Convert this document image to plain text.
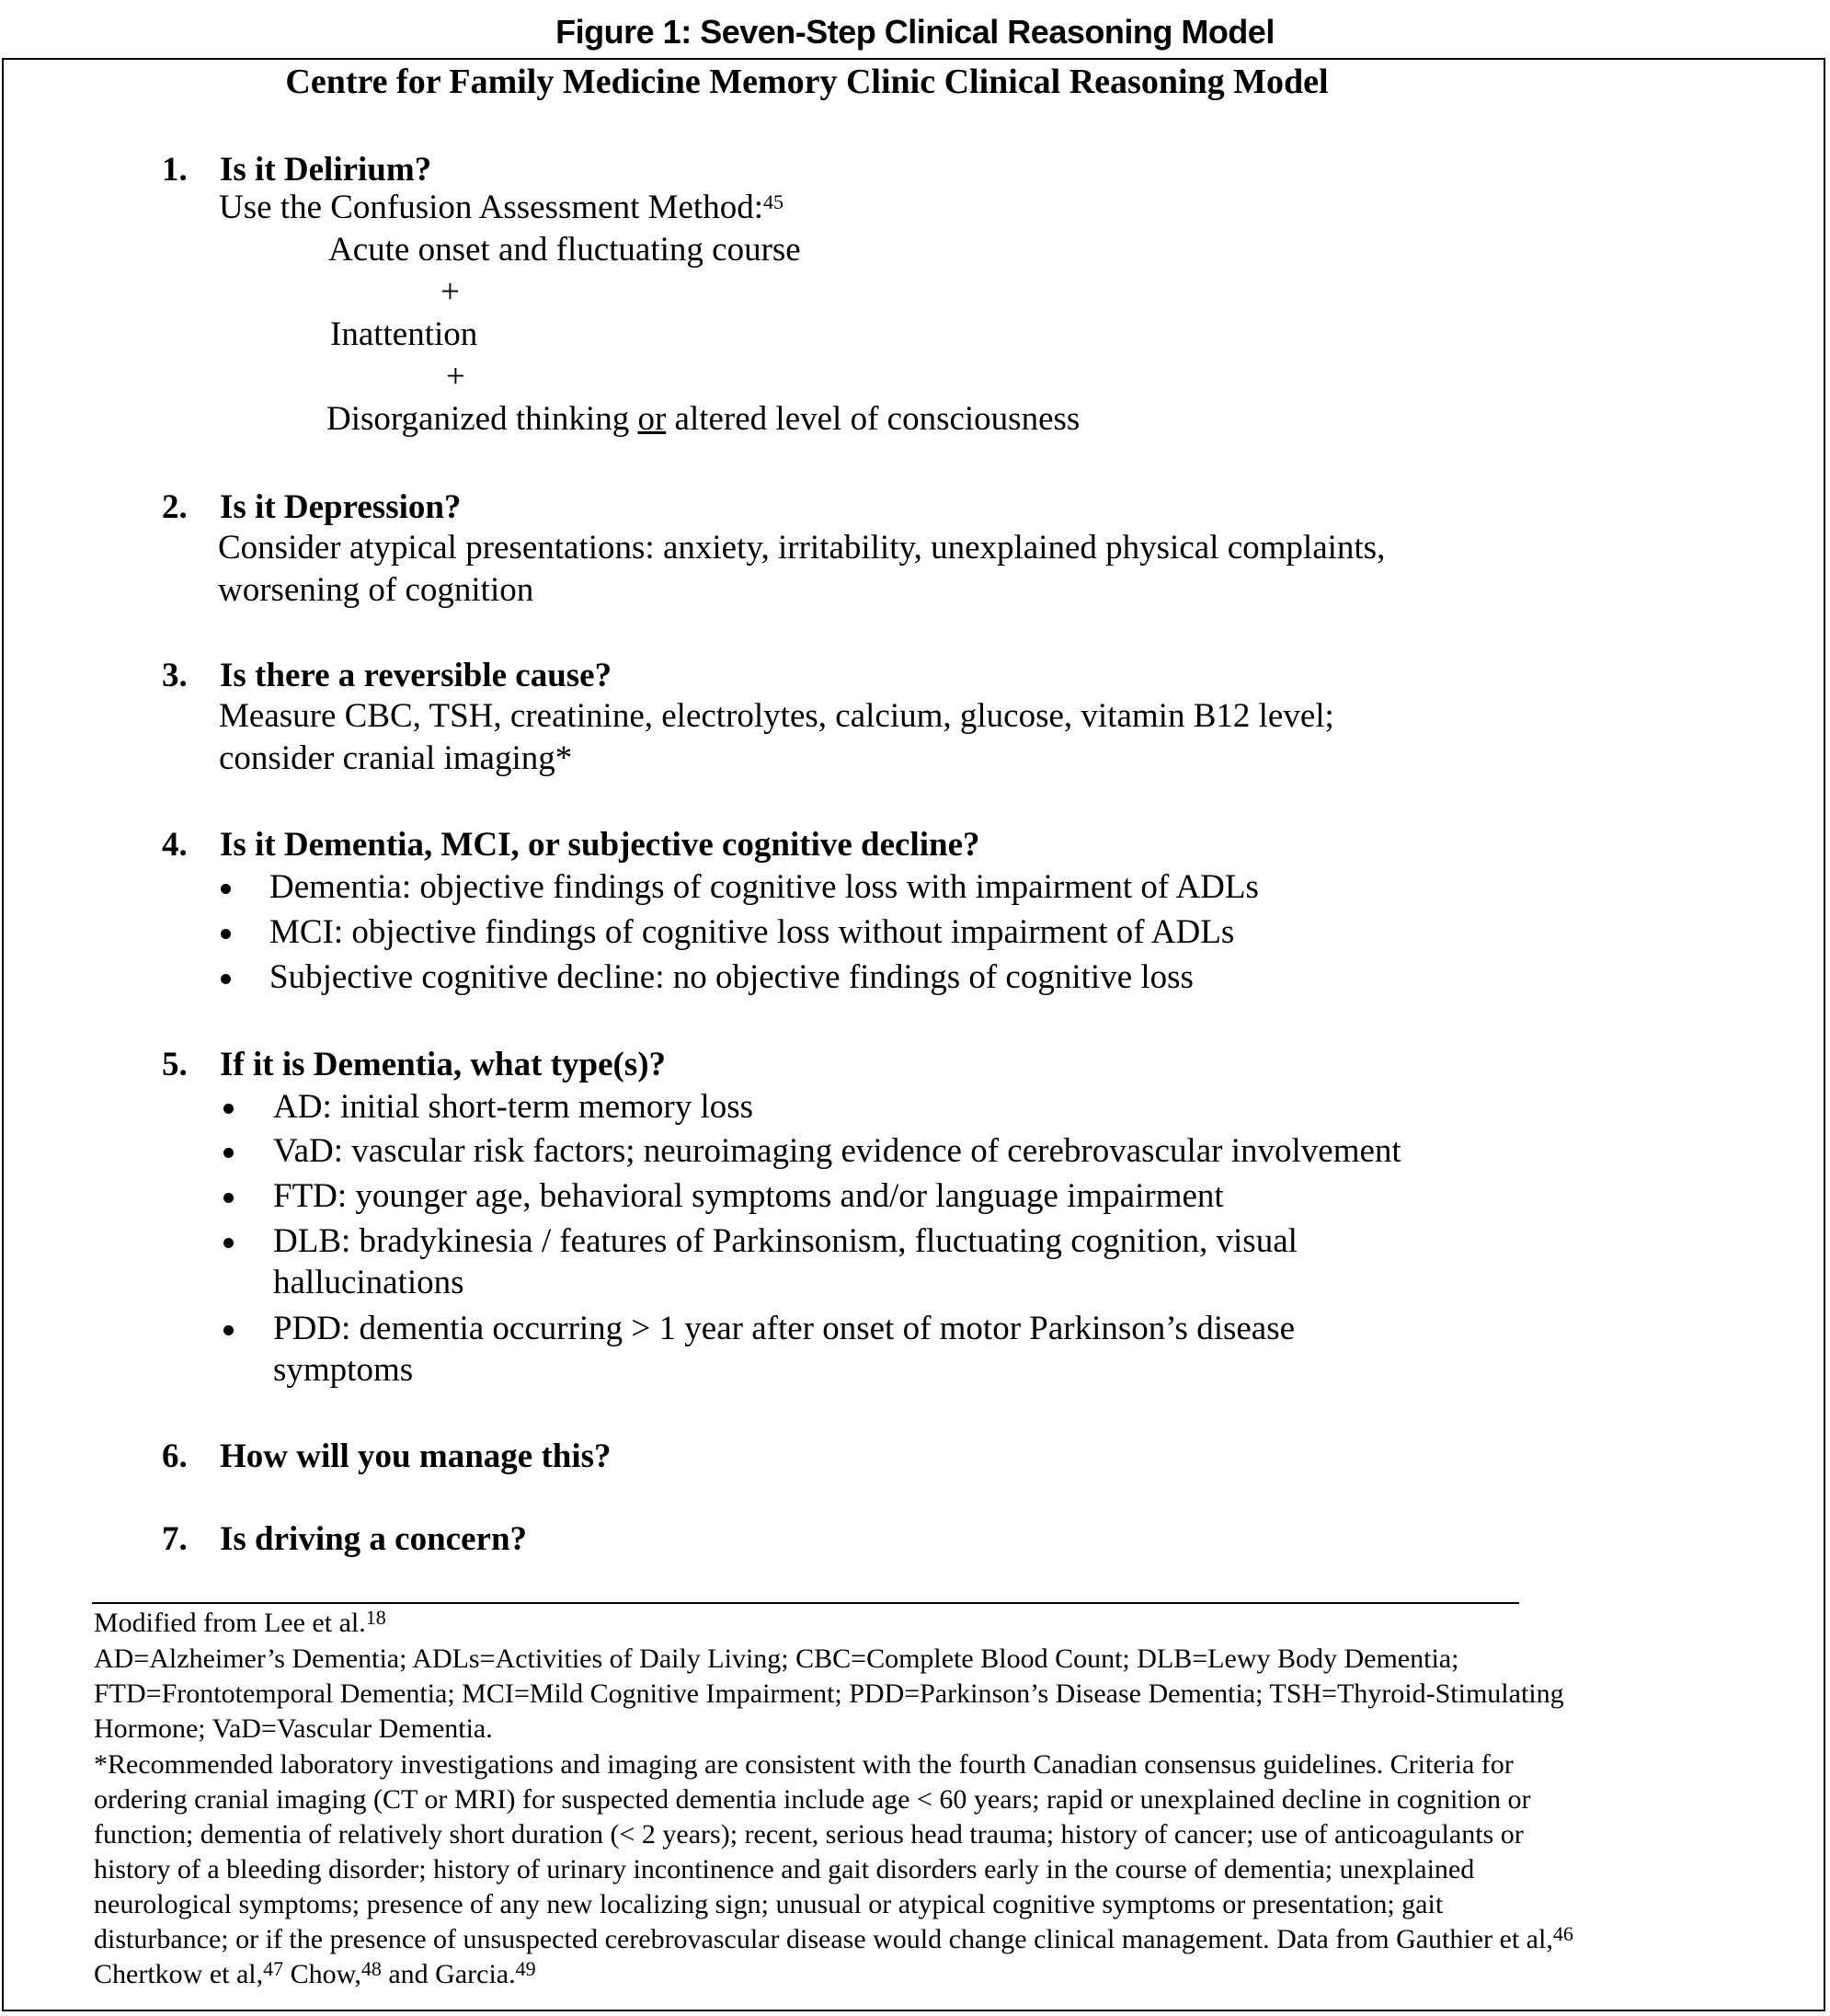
Figure 1: Seven-Step Clinical Reasoning Model
Centre for Family Medicine Memory Clinic Clinical Reasoning Model
1. Is it Delirium?
Use the Confusion Assessment Method:$^{45}$
Acute onset and fluctuating course
+
Inattention
+
Disorganized thinking or altered level of consciousness
2. Is it Depression?
Consider atypical presentations: anxiety, irritability, unexplained physical complaints,
worsening of cognition
3. Is there a reversible cause?
Measure CBC, TSH, creatinine, electrolytes, calcium, glucose, vitamin B12 level;
consider cranial imaging*
4. Is it Dementia, MCI, or subjective cognitive decline?
Dementia: objective findings of cognitive loss with impairment of ADLs
MCI: objective findings of cognitive loss without impairment of ADLs
Subjective cognitive decline: no objective findings of cognitive loss
5. If it is Dementia, what type(s)?
AD: initial short-term memory loss
VaD: vascular risk factors; neuroimaging evidence of cerebrovascular involvement
FTD: younger age, behavioral symptoms and/or language impairment
DLB: bradykinesia / features of Parkinsonism, fluctuating cognition, visual
hallucinations
PDD: dementia occurring > 1 year after onset of motor Parkinson’s disease
symptoms
6. How will you manage this?
7. Is driving a concern?
Modified from Lee et al.$^{18}$
AD=Alzheimer’s Dementia; ADLs=Activities of Daily Living; CBC=Complete Blood Count; DLB=Lewy Body Dementia;
FTD=Frontotemporal Dementia; MCI=Mild Cognitive Impairment; PDD=Parkinson’s Disease Dementia; TSH=Thyroid-Stimulating
Hormone; VaD=Vascular Dementia.
*Recommended laboratory investigations and imaging are consistent with the fourth Canadian consensus guidelines. Criteria for
ordering cranial imaging (CT or MRI) for suspected dementia include age < 60 years; rapid or unexplained decline in cognition or
function; dementia of relatively short duration (< 2 years); recent, serious head trauma; history of cancer; use of anticoagulants or
history of a bleeding disorder; history of urinary incontinence and gait disorders early in the course of dementia; unexplained
neurological symptoms; presence of any new localizing sign; unusual or atypical cognitive symptoms or presentation; gait
disturbance; or if the presence of unsuspected cerebrovascular disease would change clinical management. Data from Gauthier et al,$^{46}$
Chertkow et al,$^{47}$ Chow,$^{48}$ and Garcia.$^{49}$
